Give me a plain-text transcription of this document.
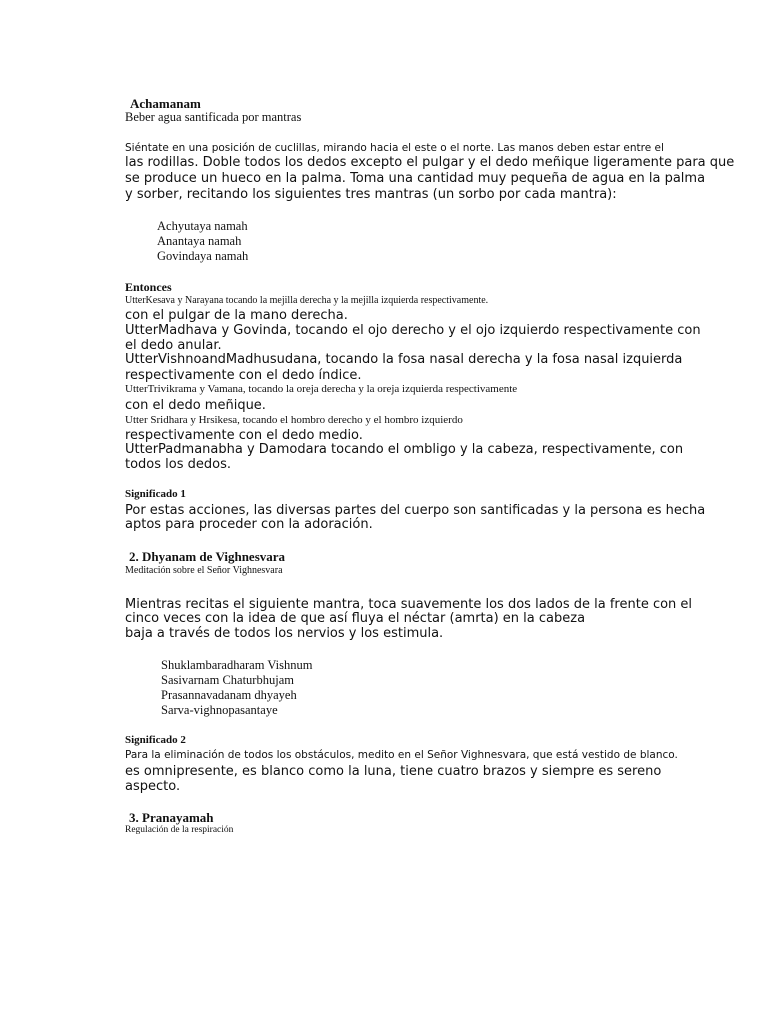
Achamanam
Beber agua santificada por mantras
Siéntate en una posición de cuclillas, mirando hacia el este o el norte. Las manos deben estar entre el
las rodillas. Doble todos los dedos excepto el pulgar y el dedo meñique ligeramente para que
se produce un hueco en la palma. Toma una cantidad muy pequeña de agua en la palma
y sorber, recitando los siguientes tres mantras (un sorbo por cada mantra):
Achyutaya namah
Anantaya namah
Govindaya namah
Entonces
UtterKesava y Narayana tocando la mejilla derecha y la mejilla izquierda respectivamente.
con el pulgar de la mano derecha.
UtterMadhava y Govinda, tocando el ojo derecho y el ojo izquierdo respectivamente con
el dedo anular.
UtterVishnoandMadhusudana, tocando la fosa nasal derecha y la fosa nasal izquierda
respectivamente con el dedo índice.
UtterTrivikrama y Vamana, tocando la oreja derecha y la oreja izquierda respectivamente
con el dedo meñique.
Utter Sridhara y Hrsikesa, tocando el hombro derecho y el hombro izquierdo
respectivamente con el dedo medio.
UtterPadmanabha y Damodara tocando el ombligo y la cabeza, respectivamente, con
todos los dedos.
Significado 1
Por estas acciones, las diversas partes del cuerpo son santificadas y la persona es hecha
aptos para proceder con la adoración.
2. Dhyanam de Vighnesvara
Meditación sobre el Señor Vighnesvara
Mientras recitas el siguiente mantra, toca suavemente los dos lados de la frente con el
cinco veces con la idea de que así fluya el néctar (amrta) en la cabeza
baja a través de todos los nervios y los estimula.
Shuklambaradharam Vishnum
Sasivarnam Chaturbhujam
Prasannavadanam dhyayeh
Sarva-vighnopasantaye
Significado 2
Para la eliminación de todos los obstáculos, medito en el Señor Vighnesvara, que está vestido de blanco.
es omnipresente, es blanco como la luna, tiene cuatro brazos y siempre es sereno
aspecto.
3. Pranayamah
Regulación de la respiración
